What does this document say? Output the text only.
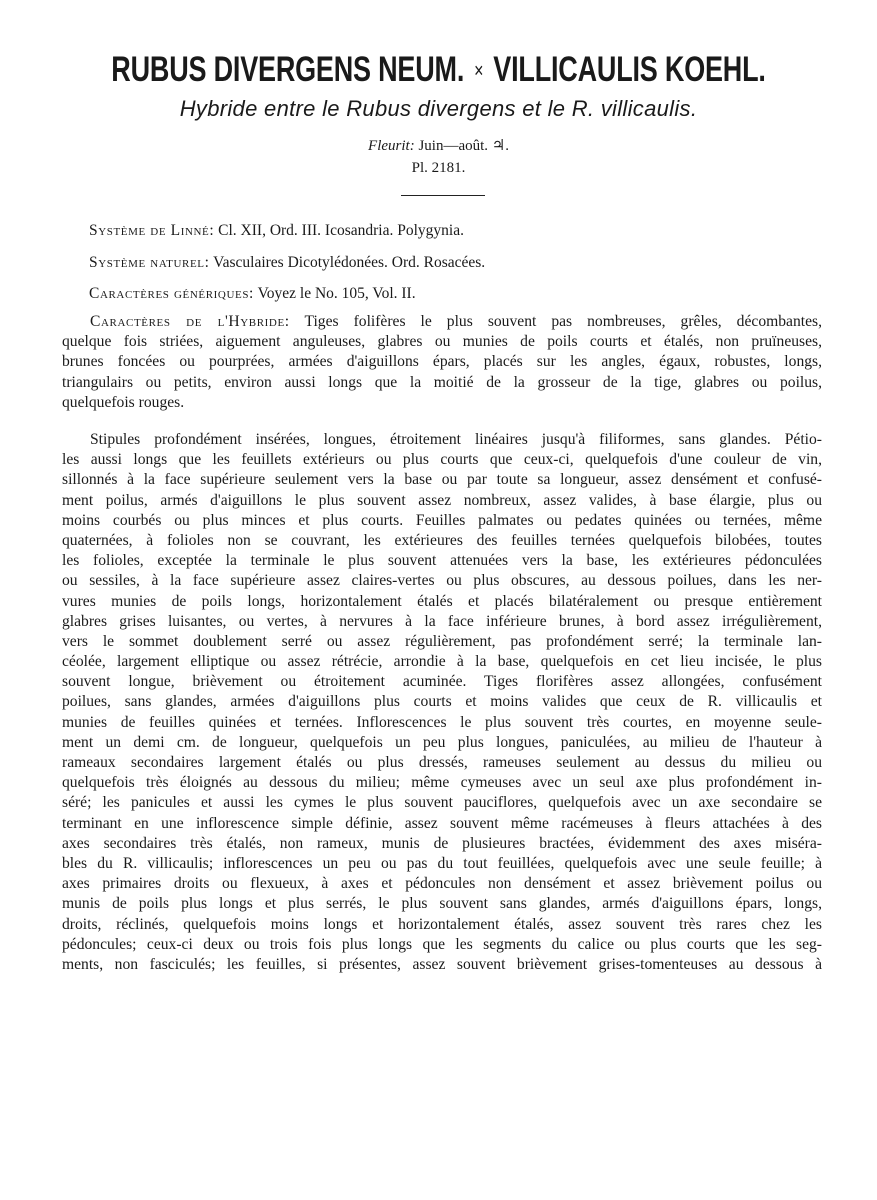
RUBUS DIVERGENS NEUM. × VILLICAULIS KOEHL.
Hybride entre le Rubus divergens et le R. villicaulis.
Fleurit: Juin—août. ♃.
Pl. 2181.
Système de Linné: Cl. XII, Ord. III. Icosandria. Polygynia.
Système naturel: Vasculaires Dicotylédonées. Ord. Rosacées.
Caractères génériques: Voyez le No. 105, Vol. II.
Caractères de l'Hybride: Tiges folifères le plus souvent pas nombreuses, grêles, décombantes,
quelque fois striées, aiguement anguleuses, glabres ou munies de poils courts et étalés, non pruïneuses,
brunes foncées ou pourprées, armées d'aiguillons épars, placés sur les angles, égaux, robustes, longs,
triangulairs ou petits, environ aussi longs que la moitié de la grosseur de la tige, glabres ou poilus,
quelquefois rouges.
Stipules profondément insérées, longues, étroitement linéaires jusqu'à filiformes, sans glandes. Pétio-
les aussi longs que les feuillets extérieurs ou plus courts que ceux-ci, quelquefois d'une couleur de vin,
sillonnés à la face supérieure seulement vers la base ou par toute sa longueur, assez densément et confusé-
ment poilus, armés d'aiguillons le plus souvent assez nombreux, assez valides, à base élargie, plus ou
moins courbés ou plus minces et plus courts. Feuilles palmates ou pedates quinées ou ternées, même
quaternées, à folioles non se couvrant, les extérieures des feuilles ternées quelquefois bilobées, toutes
les folioles, exceptée la terminale le plus souvent attenuées vers la base, les extérieures pédonculées
ou sessiles, à la face supérieure assez claires-vertes ou plus obscures, au dessous poilues, dans les ner-
vures munies de poils longs, horizontalement étalés et placés bilatéralement ou presque entièrement
glabres grises luisantes, ou vertes, à nervures à la face inférieure brunes, à bord assez irrégulièrement,
vers le sommet doublement serré ou assez régulièrement, pas profondément serré; la terminale lan-
céolée, largement elliptique ou assez rétrécie, arrondie à la base, quelquefois en cet lieu incisée, le plus
souvent longue, brièvement ou étroitement acuminée. Tiges florifères assez allongées, confusément
poilues, sans glandes, armées d'aiguillons plus courts et moins valides que ceux de R. villicaulis et
munies de feuilles quinées et ternées. Inflorescences le plus souvent très courtes, en moyenne seule-
ment un demi cm. de longueur, quelquefois un peu plus longues, paniculées, au milieu de l'hauteur à
rameaux secondaires largement étalés ou plus dressés, rameuses seulement au dessus du milieu ou
quelquefois très éloignés au dessous du milieu; même cymeuses avec un seul axe plus profondément in-
séré; les panicules et aussi les cymes le plus souvent pauciflores, quelquefois avec un axe secondaire se
terminant en une inflorescence simple définie, assez souvent même racémeuses à fleurs attachées à des
axes secondaires très étalés, non rameux, munis de plusieures bractées, évidemment des axes miséra-
bles du R. villicaulis; inflorescences un peu ou pas du tout feuillées, quelquefois avec une seule feuille; à
axes primaires droits ou flexueux, à axes et pédoncules non densément et assez brièvement poilus ou
munis de poils plus longs et plus serrés, le plus souvent sans glandes, armés d'aiguillons épars, longs,
droits, réclinés, quelquefois moins longs et horizontalement étalés, assez souvent très rares chez les
pédoncules; ceux-ci deux ou trois fois plus longs que les segments du calice ou plus courts que les seg-
ments, non fasciculés; les feuilles, si présentes, assez souvent brièvement grises-tomenteuses au dessous à
